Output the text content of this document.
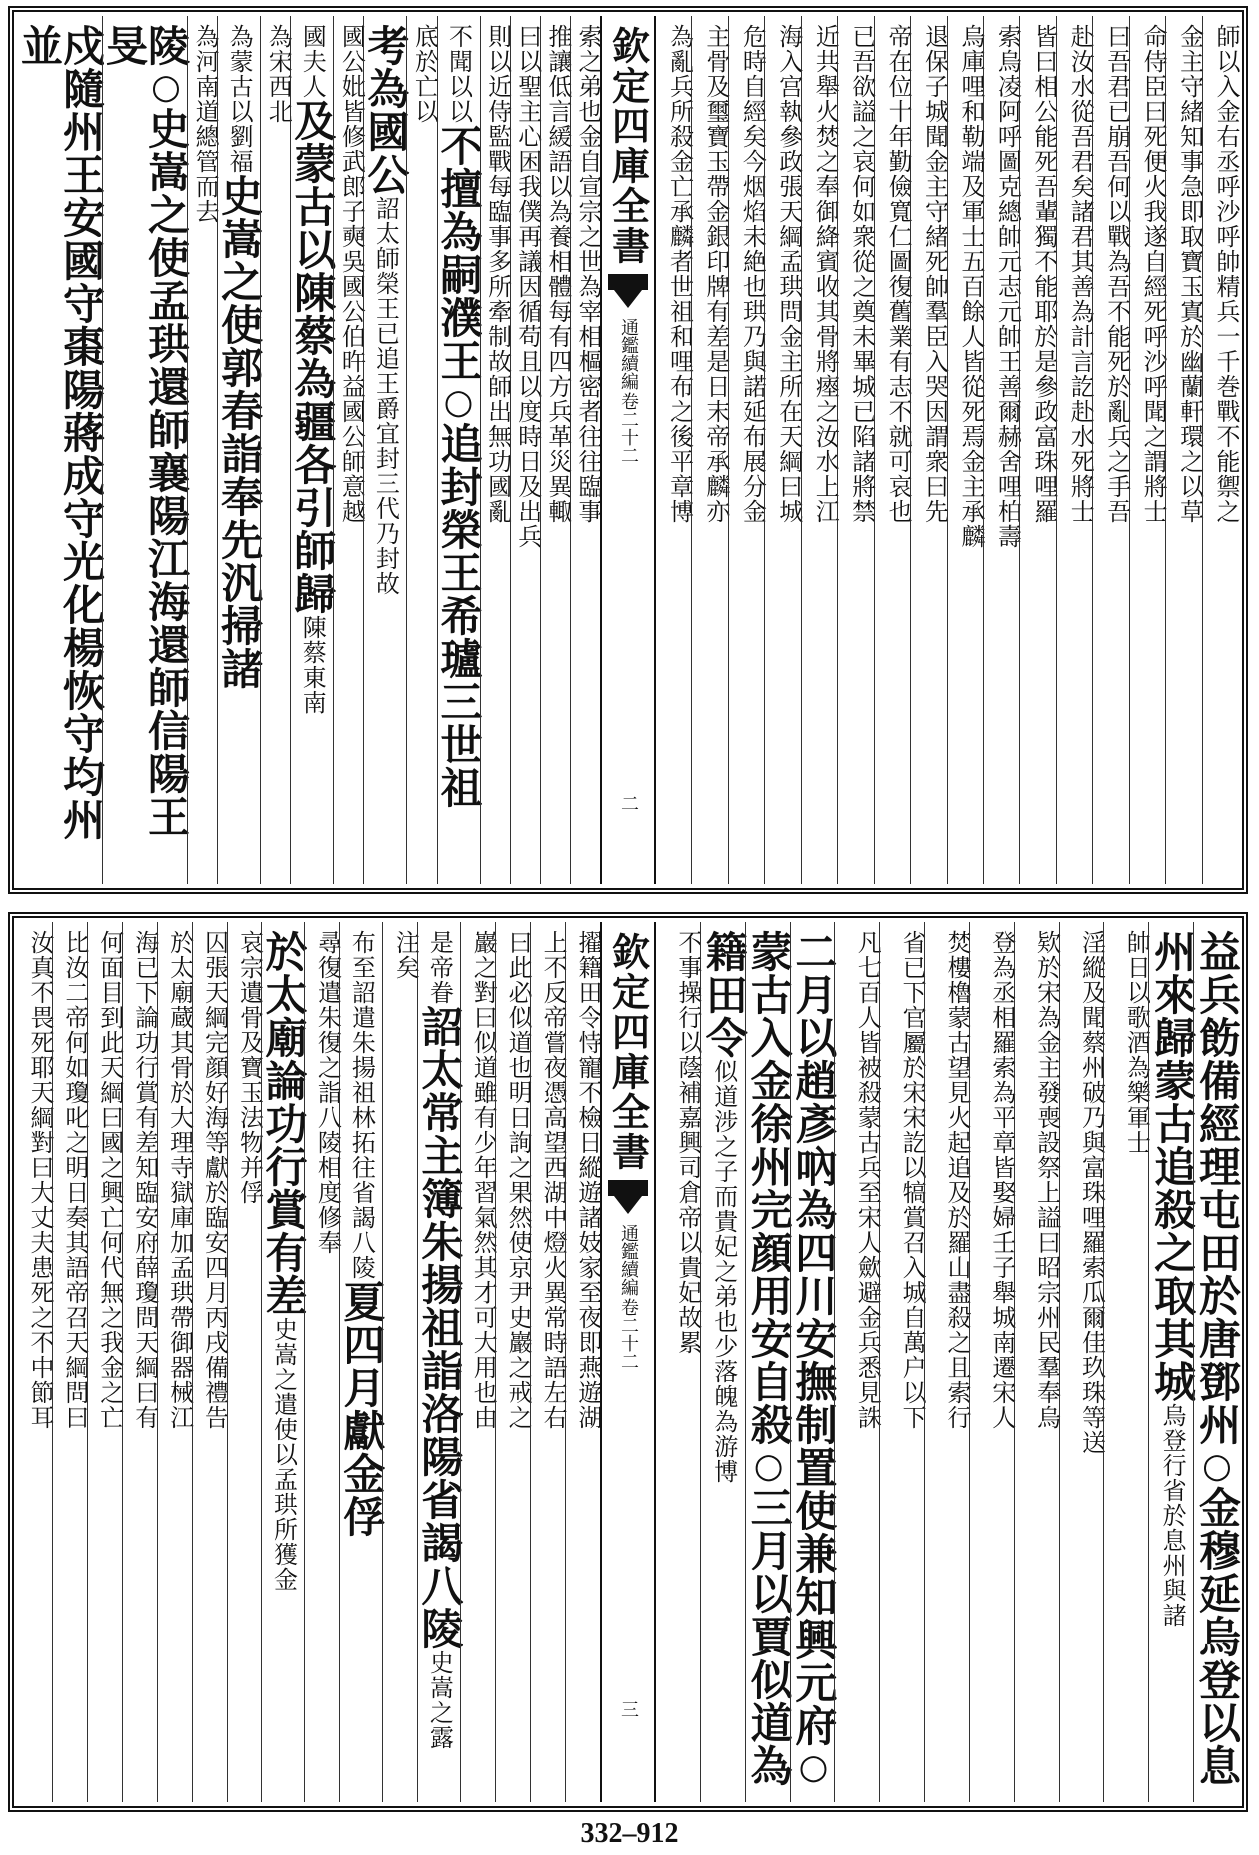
師以入金右丞呼沙呼帥精兵一千巻戰不能禦之
金主守緒知事急即取寶玉寘於幽蘭軒環之以草
命侍臣曰死便火我遂自經死呼沙呼聞之謂將士
曰吾君已崩吾何以戰為吾不能死於亂兵之手吾
赴汝水從吾君矣諸君其善為計言訖赴水死將士
皆曰相公能死吾輩獨不能耶於是參政富珠哩羅
索烏凌阿呼圖克總帥元志元帥王善爾赫舍哩柏壽
烏庫哩和勒端及軍士五百餘人皆從死焉金主承麟
退保子城聞金主守緒死帥羣臣入哭因謂衆曰先
帝在位十年勤儉寬仁圖復舊業有志不就可哀也
已吾欲謚之哀何如衆從之奠未畢城已陷諸將禁
近共舉火焚之奉御絳賓收其骨將瘞之汝水上江
海入宫執參政張天綱孟珙問金主所在天綱曰城
危時自經矣今烟焰未絶也珙乃與諾延布展分金
主骨及璽寶玉帶金銀印牌有差是日末帝承麟亦
為亂兵所殺金亡承麟者世祖和哩布之後平章博
欽定四庫全書
卷二十二
通鑑續編
二
索之弟也金自宣宗之世為宰相樞密者往往臨事
推讓低言緩語以為養相體每有四方兵革災異輙
曰以聖主心困我僕再議因循苟且以度時日及出兵
則以近侍監戰每臨事多所牽制故師出無功國亂
不聞以以不擅為嗣濮王○追封榮王希瓐三世祖
底於亡以
考為國公詔太師榮王已追王爵宜封三代乃封故
國公妣皆修武郎子奭吳國公伯旿益國公師意越
國夫人及蒙古以陳蔡為疆各引師歸陳蔡東南
為宋西北
為蒙古以劉福史嵩之使郭春詣奉先汎掃諸
為河南道總管而去
陵○史嵩之使孟珙還師襄陽江海還師信陽王旻
戍隨州王安國守棗陽蔣成守光化楊恢守均州並
益兵飭備經理屯田於唐鄧州○金穆延烏登以息
州來歸蒙古追殺之取其城烏登行省於息州與諸
帥日以歌酒為樂軍士
淫縱及聞蔡州破乃與富珠哩羅索瓜爾佳玖珠等送
欵於宋為金主發喪設祭上謚曰昭宗州民羣奉烏
登為丞相羅索為平章皆娶婦壬子舉城南遷宋人
焚樓櫓蒙古望見火起追及於羅山盡殺之且索行
省已下官屬於宋宋訖以犒賞召入城自萬户以下
凡七百人皆被殺蒙古兵至宋人歛避金兵悉見誅
二月以趙彥吶為四川安撫制置使兼知興元府○
蒙古入金徐州完顔用安自殺○三月以賈似道為
籍田令似道涉之子而貴妃之弟也少落魄為游博
不事操行以蔭補嘉興司倉帝以貴妃故累
欽定四庫全書
卷二十二
通鑑續編
三
擢籍田令恃寵不檢日縱遊諸妓家至夜即燕遊湖
上不反帝嘗夜憑高望西湖中燈火異常時語左右
曰此必似道也明日詢之果然使京尹史巖之戒之
巖之對曰似道雖有少年習氣然其才可大用也由
是帝眷詔太常主簿朱揚祖詣洛陽省謁八陵史嵩之露
注矣
布至詔遣朱揚祖林拓往省謁八陵夏四月獻金俘
尋復遣朱復之詣八陵相度修奉
於太廟論功行賞有差史嵩之遣使以孟珙所獲金
哀宗遺骨及寶玉法物并俘
囚張天綱完顔好海等獻於臨安四月丙戌備禮告
於太廟蔵其骨於大理寺獄庫加孟珙帶御器械江
海已下論功行賞有差知臨安府薛瓊問天綱曰有
何面目到此天綱曰國之興亡何代無之我金之亡
比汝二帝何如瓊叱之明日奏其語帝召天綱問曰
汝真不畏死耶天綱對曰大丈夫患死之不中節耳
332–912
